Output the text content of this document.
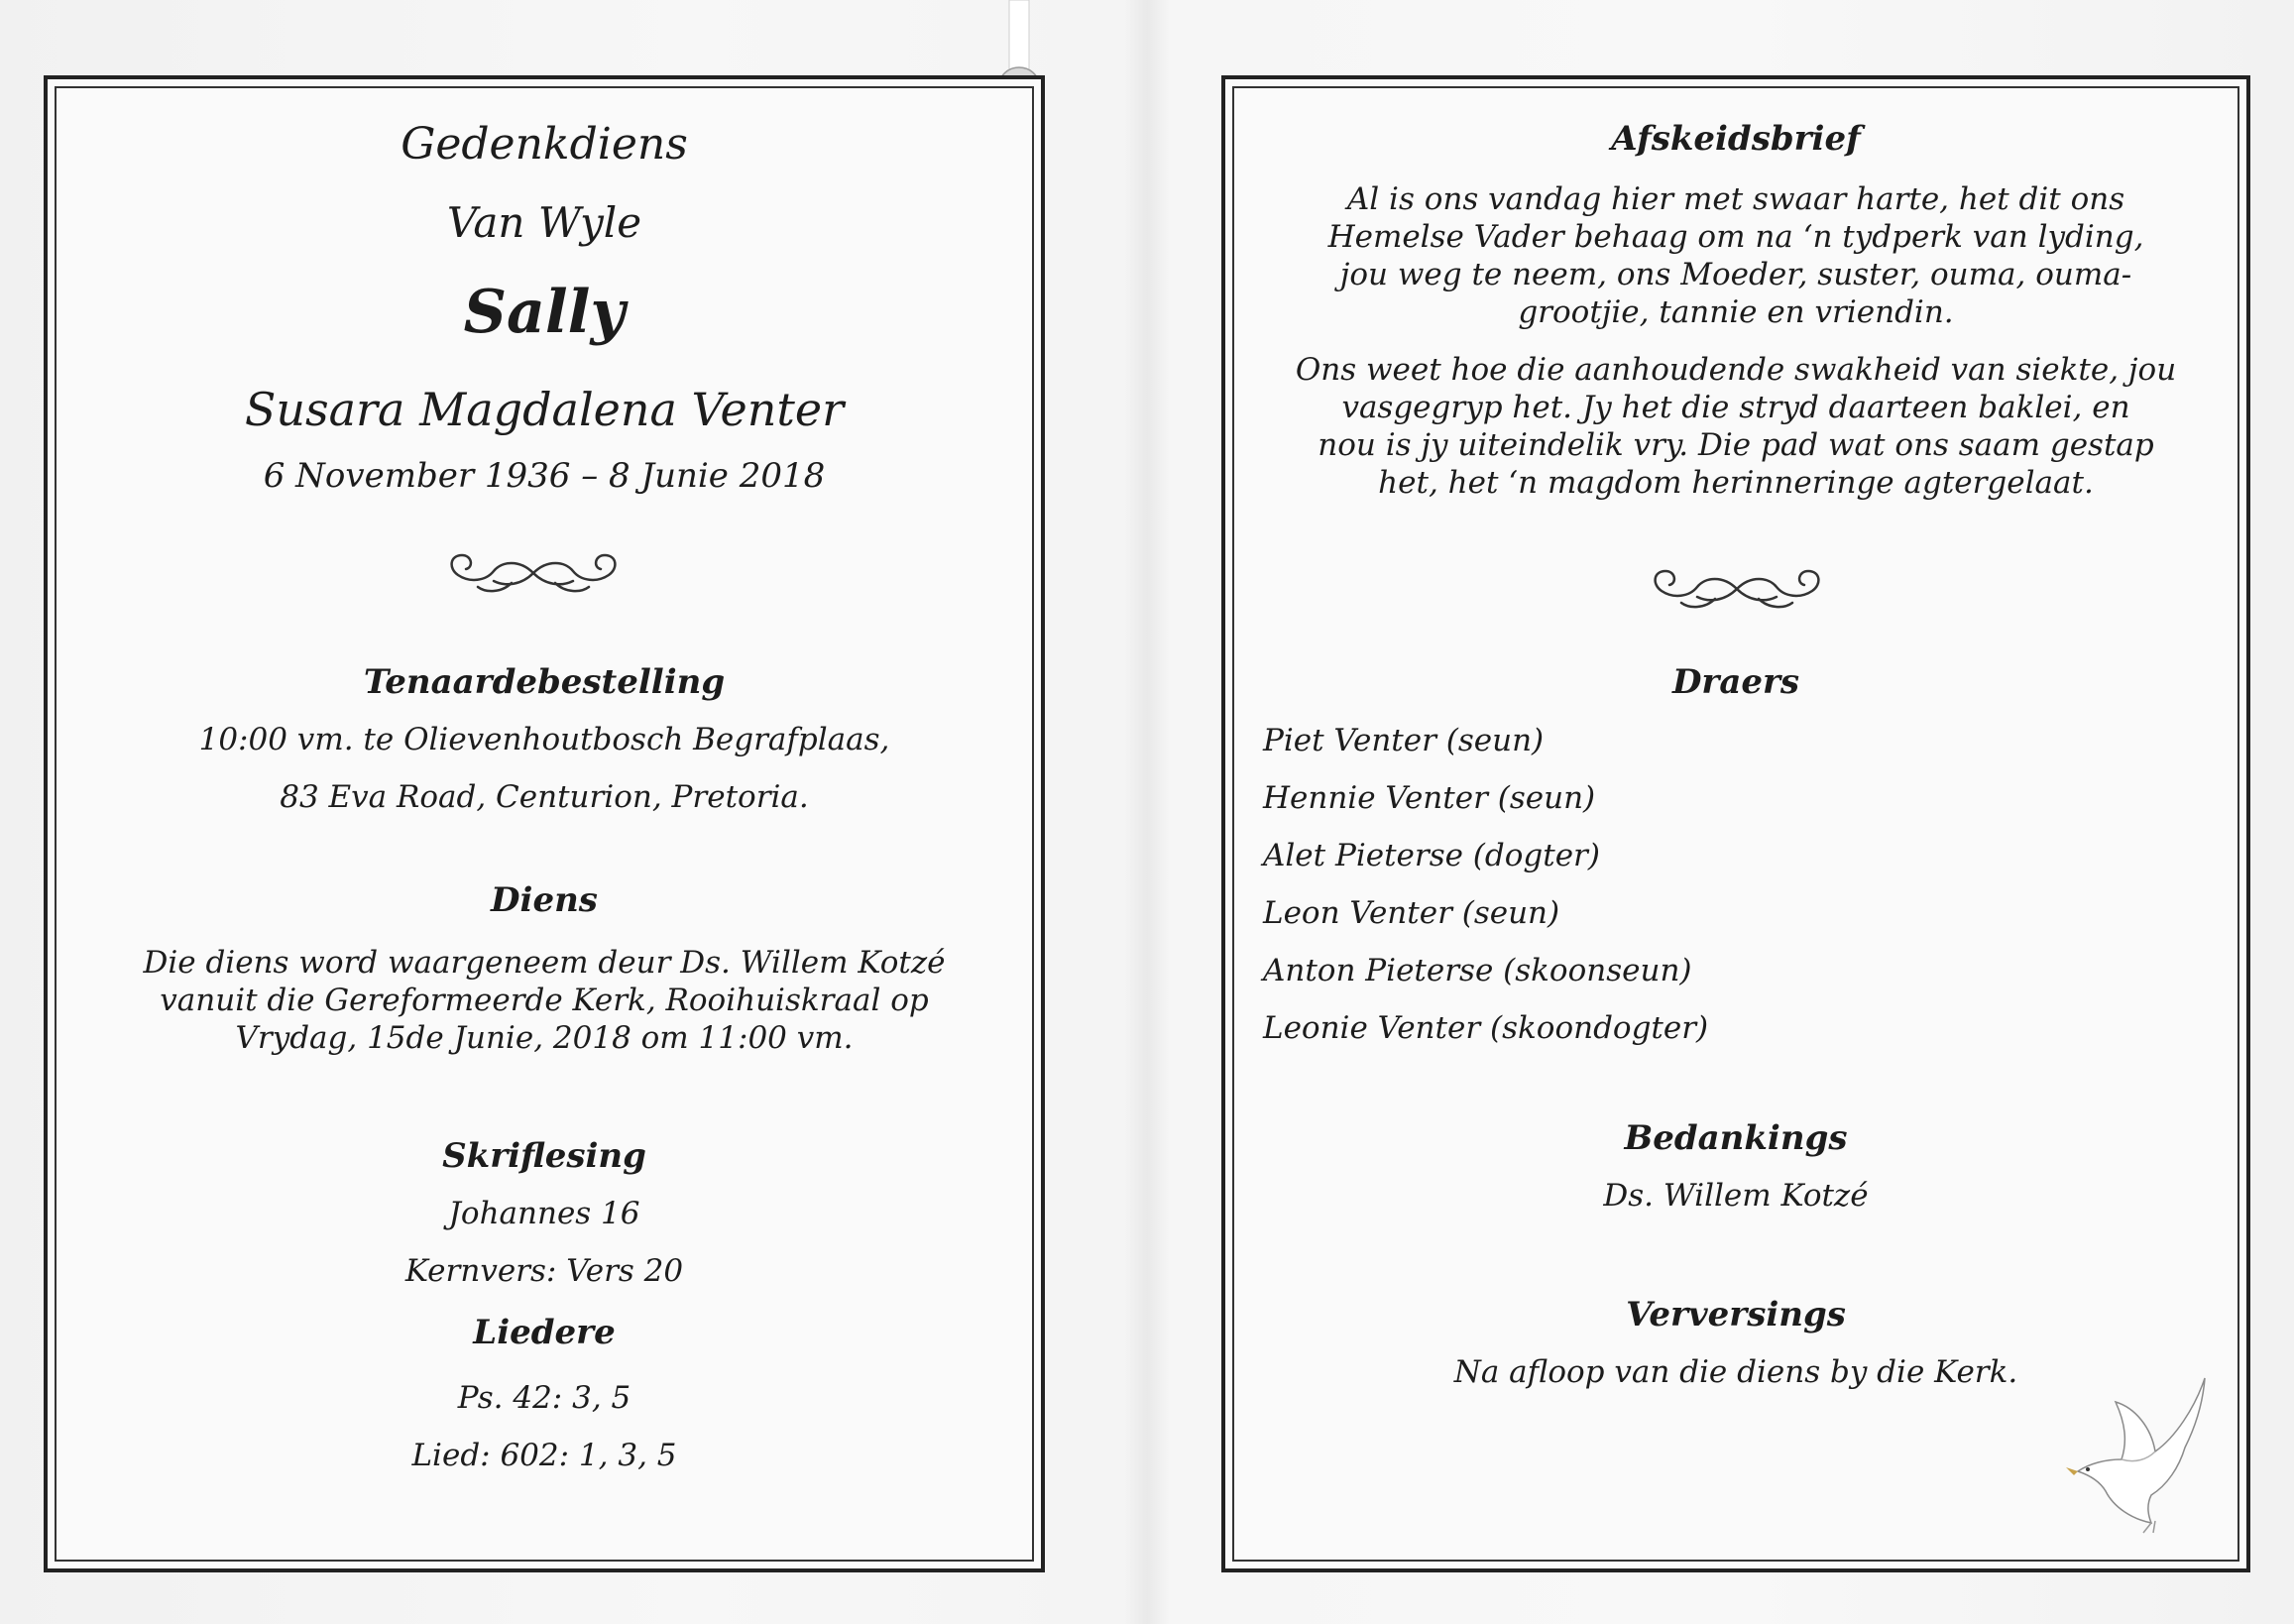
Gedenkdiens
Van Wyle
Sally
Susara Magdalena Venter
6 November 1936 – 8 Junie 2018
Tenaardebestelling
10:00 vm. te Olievenhoutbosch Begrafplaas,
83 Eva Road, Centurion, Pretoria.
Diens
Die diens word waargeneem deur Ds. Willem Kotzé
vanuit die Gereformeerde Kerk, Rooihuiskraal op
Vrydag, 15de Junie, 2018 om 11:00 vm.
Skriflesing
Johannes 16
Kernvers: Vers 20
Liedere
Ps. 42: 3, 5
Lied: 602: 1, 3, 5
Afskeidsbrief
Al is ons vandag hier met swaar harte, het dit ons
Hemelse Vader behaag om na ‘n tydperk van lyding,
jou weg te neem, ons Moeder, suster, ouma, ouma-
grootjie, tannie en vriendin.
Ons weet hoe die aanhoudende swakheid van siekte, jou
vasgegryp het. Jy het die stryd daarteen baklei, en
nou is jy uiteindelik vry. Die pad wat ons saam gestap
het, het ‘n magdom herinneringe agtergelaat.
Draers
Piet Venter (seun)
Hennie Venter (seun)
Alet Pieterse (dogter)
Leon Venter (seun)
Anton Pieterse (skoonseun)
Leonie Venter (skoondogter)
Bedankings
Ds. Willem Kotzé
Verversings
Na afloop van die diens by die Kerk.
